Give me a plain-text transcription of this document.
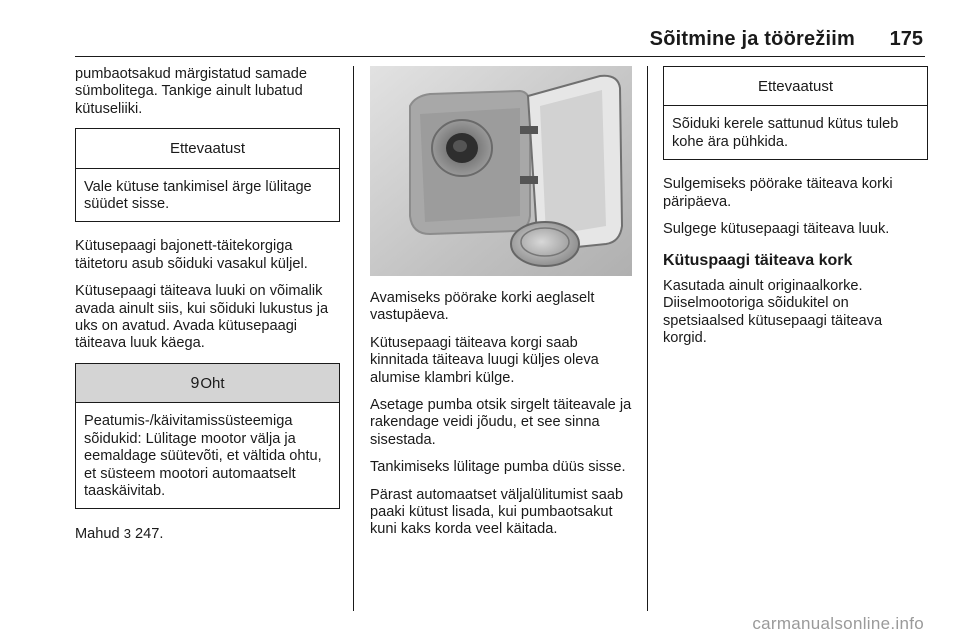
Sõitmine ja töörežiim 175

pumbaotsakud märgistatud samade sümbolitega. Tankige ainult lubatud kütuseliiki.

Ettevaatust
Vale kütuse tankimisel ärge lülitage süüdet sisse.

Kütusepaagi bajonett-täitekorgiga täitetoru asub sõiduki vasakul küljel.

Kütusepaagi täiteava luuki on võimalik avada ainult siis, kui sõiduki lukustus ja uks on avatud. Avada kütusepaagi täiteava luuk käega.

9Oht
Peatumis-/käivitamissüsteemiga sõidukid: Lülitage mootor välja ja eemaldage süütevõti, et vältida ohtu, et süsteem mootori automaatselt taaskäivitab.

Mahud 3 247.

Avamiseks pöörake korki aeglaselt vastupäeva.

Kütusepaagi täiteava korgi saab kinnitada täiteava luugi küljes oleva alumise klambri külge.

Asetage pumba otsik sirgelt täiteavale ja rakendage veidi jõudu, et see sinna sisestada.

Tankimiseks lülitage pumba düüs sisse.

Pärast automaatset väljalülitumist saab paaki kütust lisada, kui pumbaotsakut kuni kaks korda veel käitada.

Ettevaatust
Sõiduki kerele sattunud kütus tuleb kohe ära pühkida.

Sulgemiseks pöörake täiteava korki päripäeva.

Sulgege kütusepaagi täiteava luuk.

Kütuspaagi täiteava kork

Kasutada ainult originaalkorke. Diiselmootoriga sõidukitel on spetsiaalsed kütusepaagi täiteava korgid.

carmanualsonline.info
